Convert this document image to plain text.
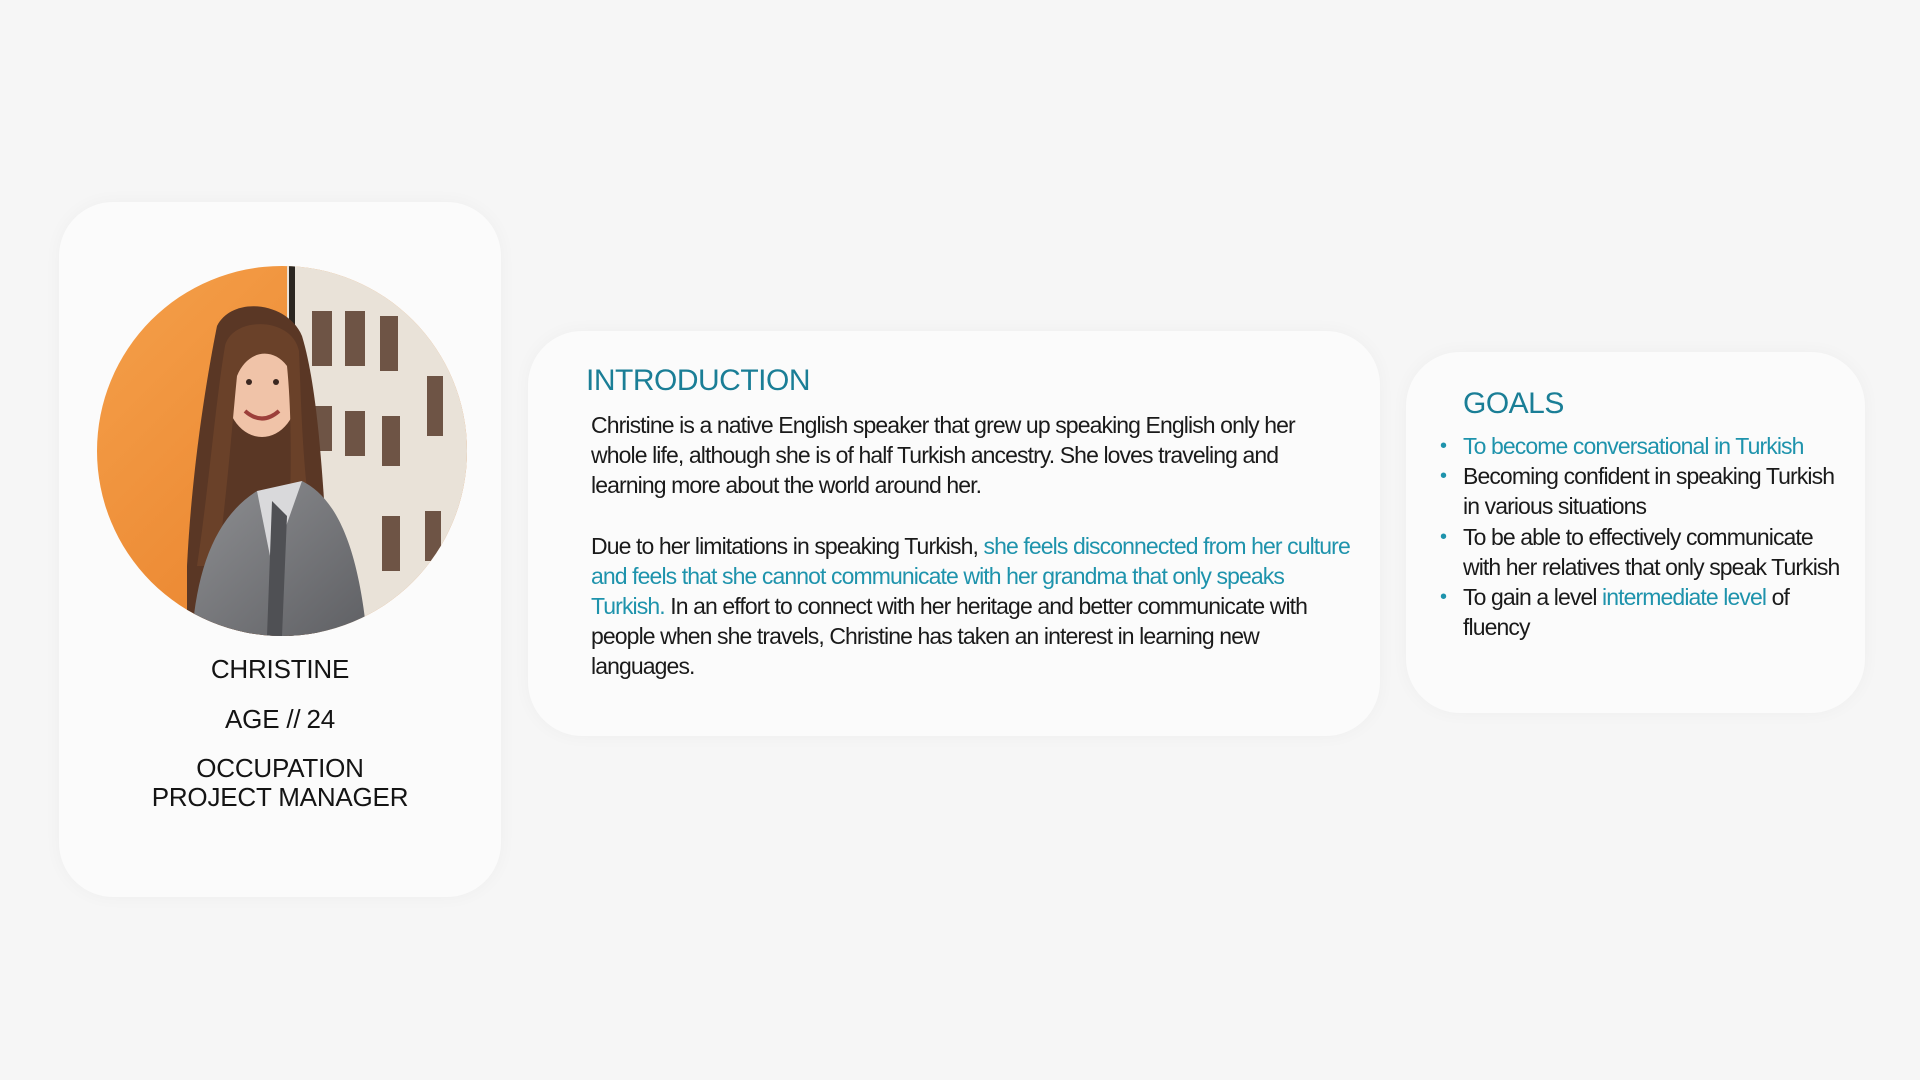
CHRISTINE
AGE // 24
OCCUPATION
PROJECT MANAGER
INTRODUCTION

Christine is a native English speaker that grew up speaking English only her whole life, although she is of half Turkish ancestry. She loves traveling and learning more about the world around her.

Due to her limitations in speaking Turkish, she feels disconnected from her culture and feels that she cannot communicate with her grandma that only speaks Turkish. In an effort to connect with her heritage and better communicate with people when she travels, Christine has taken an interest in learning new languages.

GOALS
• To become conversational in Turkish
• Becoming confident in speaking Turkish in various situations
• To be able to effectively communicate with her relatives that only speak Turkish
• To gain a level intermediate level of fluency
